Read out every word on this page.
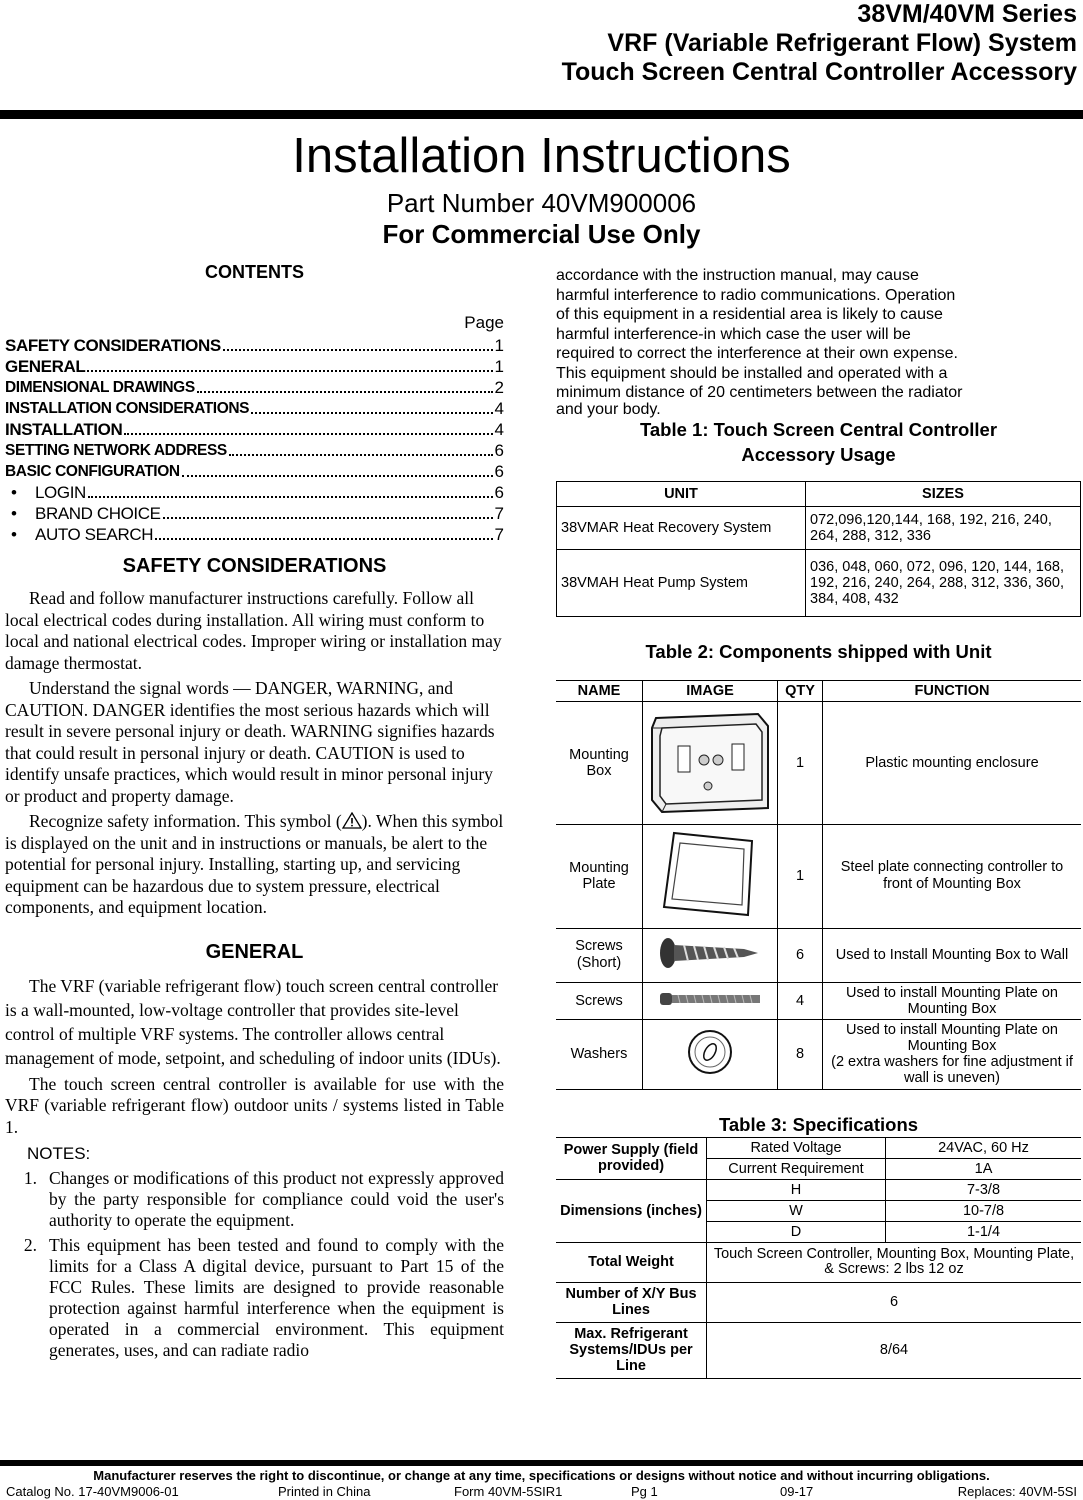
38VM/40VM Series
VRF (Variable Refrigerant Flow) System
Touch Screen Central Controller Accessory
Installation Instructions
Part Number 40VM900006
For Commercial Use Only
CONTENTS
Page
SAFETY CONSIDERATIONS	1
GENERAL	1
DIMENSIONAL DRAWINGS	2
INSTALLATION CONSIDERATIONS	4
INSTALLATION	4
SETTING NETWORK ADDRESS	6
BASIC CONFIGURATION	6
• LOGIN	6
• BRAND CHOICE	7
• AUTO SEARCH	7
SAFETY CONSIDERATIONS

Read and follow manufacturer instructions carefully. Follow all local electrical codes during installation. All wiring must conform to local and national electrical codes. Improper wiring or installation may damage thermostat.

Understand the signal words — DANGER, WARNING, and CAUTION. DANGER identifies the most serious hazards which will result in severe personal injury or death. WARNING signifies hazards that could result in personal injury or death. CAUTION is used to identify unsafe practices, which would result in minor personal injury or product and property damage.

Recognize safety information. This symbol ( ). When this symbol is displayed on the unit and in instructions or manuals, be alert to the potential for personal injury. Installing, starting up, and servicing equipment can be hazardous due to system pressure, electrical components, and equipment location.

GENERAL

The VRF (variable refrigerant flow) touch screen central controller is a wall-mounted, low-voltage controller that provides site-level control of multiple VRF systems. The controller allows central management of mode, setpoint, and scheduling of indoor units (IDUs).

The touch screen central controller is available for use with the VRF (variable refrigerant flow) outdoor units / systems listed in Table 1.

NOTES:
1. Changes or modifications of this product not expressly approved by the party responsible for compliance could void the user's authority to operate the equipment.
2. This equipment has been tested and found to comply with the limits for a Class A digital device, pursuant to Part 15 of the FCC Rules. These limits are designed to provide reasonable protection against harmful interference when the equipment is operated in a commercial environment. This equipment generates, uses, and can radiate radio
accordance with the instruction manual, may cause
harmful interference to radio communications. Operation
of this equipment in a residential area is likely to cause
harmful interference-in which case the user will be
required to correct the interference at their own expense.
This equipment should be installed and operated with a
minimum distance of 20 centimeters between the radiator
and your body.
Table 1: Touch Screen Central Controller
Accessory Usage
UNIT	SIZES
38VMAR Heat Recovery System	072,096,120,144, 168, 192, 216, 240, 264, 288, 312, 336
38VMAH Heat Pump System	036, 048, 060, 072, 096, 120, 144, 168, 192, 216, 240, 264, 288, 312, 336, 360, 384, 408, 432
Table 2: Components shipped with Unit
NAME	IMAGE	QTY	FUNCTION
Mounting Box		1	Plastic mounting enclosure
Mounting Plate		1	Steel plate connecting controller to front of Mounting Box
Screws (Short)		6	Used to Install Mounting Box to Wall
Screws		4	Used to install Mounting Plate on Mounting Box
Washers		8	Used to install Mounting Plate on Mounting Box
(2 extra washers for fine adjustment if wall is uneven)
Table 3: Specifications
Power Supply (field provided)	Rated Voltage	24VAC, 60 Hz
	Current Requirement	1A
Dimensions (inches)	H	7-3/8
	W	10-7/8
	D	1-1/4
Total Weight	Touch Screen Controller, Mounting Box, Mounting Plate, & Screws: 2 lbs 12 oz	
Number of X/Y Bus Lines	6	
Max. Refrigerant Systems/IDUs per Line	8/64	
Manufacturer reserves the right to discontinue, or change at any time, specifications or designs without notice and without incurring obligations.
Catalog No. 17-40VM9006-01	Printed in China	Form 40VM-5SIR1	Pg 1	09-17	Replaces: 40VM-5SI
